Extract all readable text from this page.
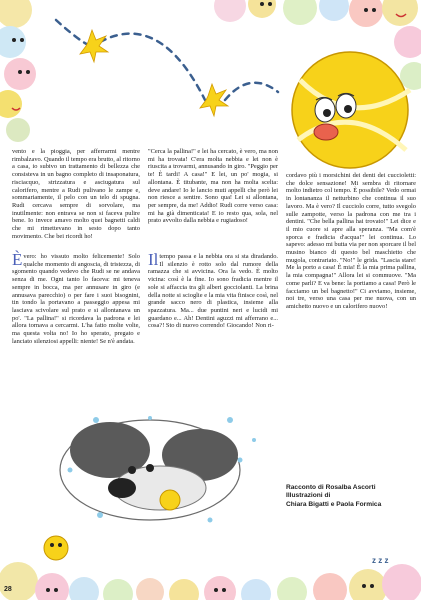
z z z

vento e la pioggia, per afferrarmi mentre rimbalzavo. Quando il tempo era brutto, al ritorno a casa, io subivo un trattamento di bellezza che consisteva in un bagno completo di insaponatura, risciacquo, strizzatura e asciugatura sul calorifero, mentre a Rudi pulivano le zampe e, sommariamente, il pelo con un telo di spugna. Rudi cercava sempre di sorvolare, ma inutilmente: non entrava se non si faceva pulire bene. Io invece amavo molto quei bagnetti caldi che mi rimettevano in sesto dopo tanto movimento. Che bei ricordi ho!

Èvero: ho vissuto molto felicemente! Solo qualche momento di angoscia, di tristezza, di sgomento quando vedevo che Rudi se ne andava senza di me. Ogni tanto lo faceva: mi teneva sempre in bocca, ma per annusare in giro (e annusava parecchio) o per fare i suoi bisognini, tin tondo la portavano a passeggio appesa mi lasciava scivolare sul prato e si allontanava un po'. "La pallina!" si ricordava la padrona e lei allora tornava a cercarmi. L'ha fatto molte volte, ma questa volta no! Io ho sperato, pregato e lanciato silenziosi appelli: niente! Se n'è andata.

"Cerca la pallina!" e lei ha cercato, è vero, ma non mi ha trovata! C'era molta nebbia e lei non è riuscita a trovarmi, annusando in giro. "Peggio per te! È tardi! A casa!" E lei, un po' mogia, si allontana. È titubante, ma non ha molta scelta: deve andare! Io le lancio muti appelli che però lei non riesce a sentire. Sono qua! Lei si allontana, per sempre, da me! Addio! Rudi corre verso casa: mi ha già dimenticata! E io resto qua, sola, nel prato avvolto dalla nebbia e rugiadoso!

Il tempo passa e la nebbia ora si sta diradando. Il silenzio è rotto solo dal rumore della ramazza che si avvicina. Ora la vedo. È molto vicina: così è la fine. Io sono fradicia mentre il sole si affaccia tra gli alberi gocciolanti. La brina della notte si scioglie e la mia vita finisce così, nel grande sacco nero di plastica, insieme alla spazzatura. Ma... due puntini neri e lucidi mi guardano e... Ah! Dentini aguzzi mi afferrano e... cosa?! Sto di nuovo correndo! Giocando! Non ri-

cordavo più i morsichini dei denti dei cuccioletti: che dolce sensazione! Mi sembra di ritornare molto indietro col tempo. È possibile? Vedo ormai in lontananza il netturbino che continua il suo lavoro. Ma è vero? Il cucciolo corre, tutto svegolo sulle zampotte, verso la padrona con me tra i dentini. "Che bella pallina hai trovato!" Lei dice e il mio cuore si apre alla speranza. "Ma com'è sporca e fradicia d'acqua!" lei continua. Lo sapevo: adesso mi butta via per non sporcare il bel musino bianco di questo bel maschietto che mugola, contrariato. "No!" le grida. "Lascia stare! Me la porto a casa! È mia! È la mia prima pallina, la mia compagna!" Allora lei si commuove. "Ma come parli? E va bene: la portiamo a casa! Però le facciamo un bel bagnetto!" Ci avviamo, insieme, noi tre, verso una casa per me nuova, con un amichetto nuovo e un calorifero nuovo!

Racconto di Rosalba Ascorti
Illustrazioni di
Chiara Bigatti e Paola Formica
28
